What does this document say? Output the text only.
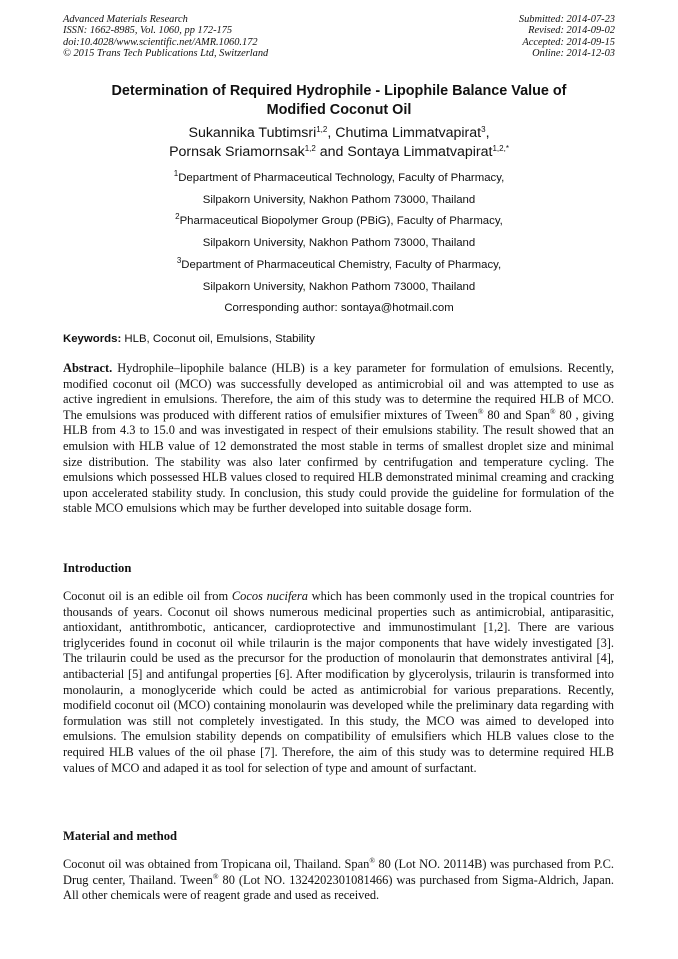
Advanced Materials Research
ISSN: 1662-8985, Vol. 1060, pp 172-175
doi:10.4028/www.scientific.net/AMR.1060.172
© 2015 Trans Tech Publications Ltd, Switzerland
Submitted: 2014-07-23
Revised: 2014-09-02
Accepted: 2014-09-15
Online: 2014-12-03
Determination of Required Hydrophile - Lipophile Balance Value of
Modified Coconut Oil
Sukannika Tubtimsri$^{1,2}$, Chutima Limmatvapirat$^3$,
Pornsak Sriamornsak$^{1,2}$ and Sontaya Limmatvapirat$^{1,2,*}$
$^1$Department of Pharmaceutical Technology, Faculty of Pharmacy,
Silpakorn University, Nakhon Pathom 73000, Thailand
$^2$Pharmaceutical Biopolymer Group (PBiG), Faculty of Pharmacy,
Silpakorn University, Nakhon Pathom 73000, Thailand
$^3$Department of Pharmaceutical Chemistry, Faculty of Pharmacy,
Silpakorn University, Nakhon Pathom 73000, Thailand
Corresponding author: sontaya@hotmail.com
Keywords: HLB, Coconut oil, Emulsions, Stability
Abstract. Hydrophile–lipophile balance (HLB) is a key parameter for formulation of emulsions. Recently, modified coconut oil (MCO) was successfully developed as antimicrobial oil and was attempted to use as active ingredient in emulsions. Therefore, the aim of this study was to determine the required HLB of MCO. The emulsions was produced with different ratios of emulsifier mixtures of Tween® 80 and Span® 80 , giving HLB from 4.3 to 15.0 and was investigated in respect of their emulsions stability. The result showed that an emulsion with HLB value of 12 demonstrated the most stable in terms of smallest droplet size and minimal size distribution. The stability was also later confirmed by centrifugation and temperature cycling. The emulsions which possessed HLB values closed to required HLB demonstrated minimal creaming and cracking upon accelerated stability study. In conclusion, this study could provide the guideline for formulation of the stable MCO emulsions which may be further developed into suitable dosage form.
Introduction
Coconut oil is an edible oil from Cocos nucifera which has been commonly used in the tropical countries for thousands of years. Coconut oil shows numerous medicinal properties such as antimicrobial, antiparasitic, antioxidant, antithrombotic, anticancer, cardioprotective and immunostimulant [1,2]. There are various triglycerides found in coconut oil while trilaurin is the major components that have widely investigated [3]. The trilaurin could be used as the precursor for the production of monolaurin that demonstrates antiviral [4], antibacterial [5] and antifungal properties [6]. After modification by glycerolysis, trilaurin is transformed into monolaurin, a monoglyceride which could be acted as antimicrobial for various preparations. Recently, modifield coconut oil (MCO) containing monolaurin was developed while the preliminary data regarding with formulation was still not completely investigated. In this study, the MCO was aimed to developed into emulsions. The emulsion stability depends on compatibility of emulsifiers which HLB values close to the required HLB values of the oil phase [7]. Therefore, the aim of this study was to determine required HLB values of MCO and adaped it as tool for selection of type and amount of surfactant.
Material and method
Coconut oil was obtained from Tropicana oil, Thailand. Span® 80 (Lot NO. 20114B) was purchased from P.C. Drug center, Thailand. Tween® 80 (Lot NO. 1324202301081466) was purchased from Sigma-Aldrich, Japan. All other chemicals were of reagent grade and used as received.
